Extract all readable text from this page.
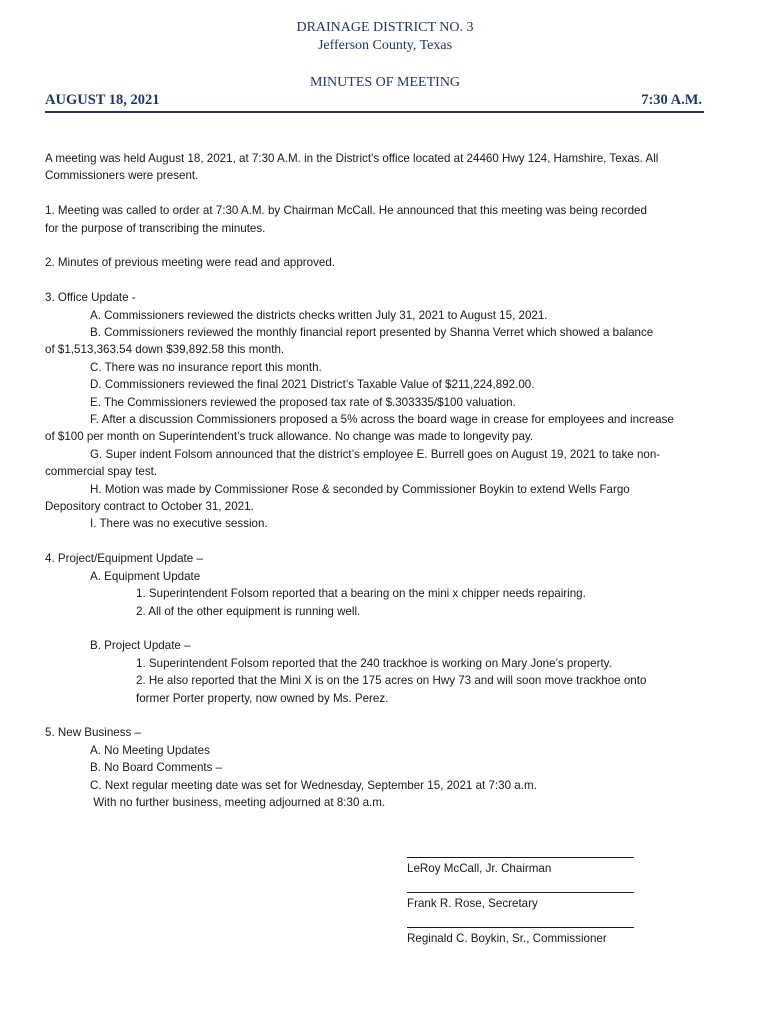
DRAINAGE DISTRICT NO. 3
Jefferson County, Texas
MINUTES OF MEETING
AUGUST 18, 2021	7:30 A.M.

A meeting was held August 18, 2021, at 7:30 A.M. in the District's office located at 24460 Hwy 124, Hamshire, Texas. All

Commissioners were present.

1. Meeting was called to order at 7:30 A.M. by Chairman McCall. He announced that this meeting was being recorded

for the purpose of transcribing the minutes.

2. Minutes of previous meeting were read and approved.

3. Office Update -

A. Commissioners reviewed the districts checks written July 31, 2021 to August 15, 2021.

B. Commissioners reviewed the monthly financial report presented by Shanna Verret which showed a balance

of $1,513,363.54 down $39,892.58 this month.

C. There was no insurance report this month.

D. Commissioners reviewed the final 2021 District’s Taxable Value of $211,224,892.00.

E. The Commissioners reviewed the proposed tax rate of $.303335/$100 valuation.

F. After a discussion Commissioners proposed a 5% across the board wage in crease for employees and increase

of $100 per month on Superintendent’s truck allowance. No change was made to longevity pay.

G. Super indent Folsom announced that the district’s employee E. Burrell goes on August 19, 2021 to take non-

commercial spay test.

H. Motion was made by Commissioner Rose & seconded by Commissioner Boykin to extend Wells Fargo

Depository contract to October 31, 2021.

I. There was no executive session.

4. Project/Equipment Update –

A. Equipment Update

1. Superintendent Folsom reported that a bearing on the mini x chipper needs repairing.

2. All of the other equipment is running well.

B. Project Update –

1. Superintendent Folsom reported that the 240 trackhoe is working on Mary Jone’s property.

2. He also reported that the Mini X is on the 175 acres on Hwy 73 and will soon move trackhoe onto

former Porter property, now owned by Ms. Perez.

5. New Business –

A. No Meeting Updates

B. No Board Comments –

C. Next regular meeting date was set for Wednesday, September 15, 2021 at 7:30 a.m.

With no further business, meeting adjourned at 8:30 a.m.

LeRoy McCall, Jr. Chairman
Frank R. Rose, Secretary
Reginald C. Boykin, Sr., Commissioner
